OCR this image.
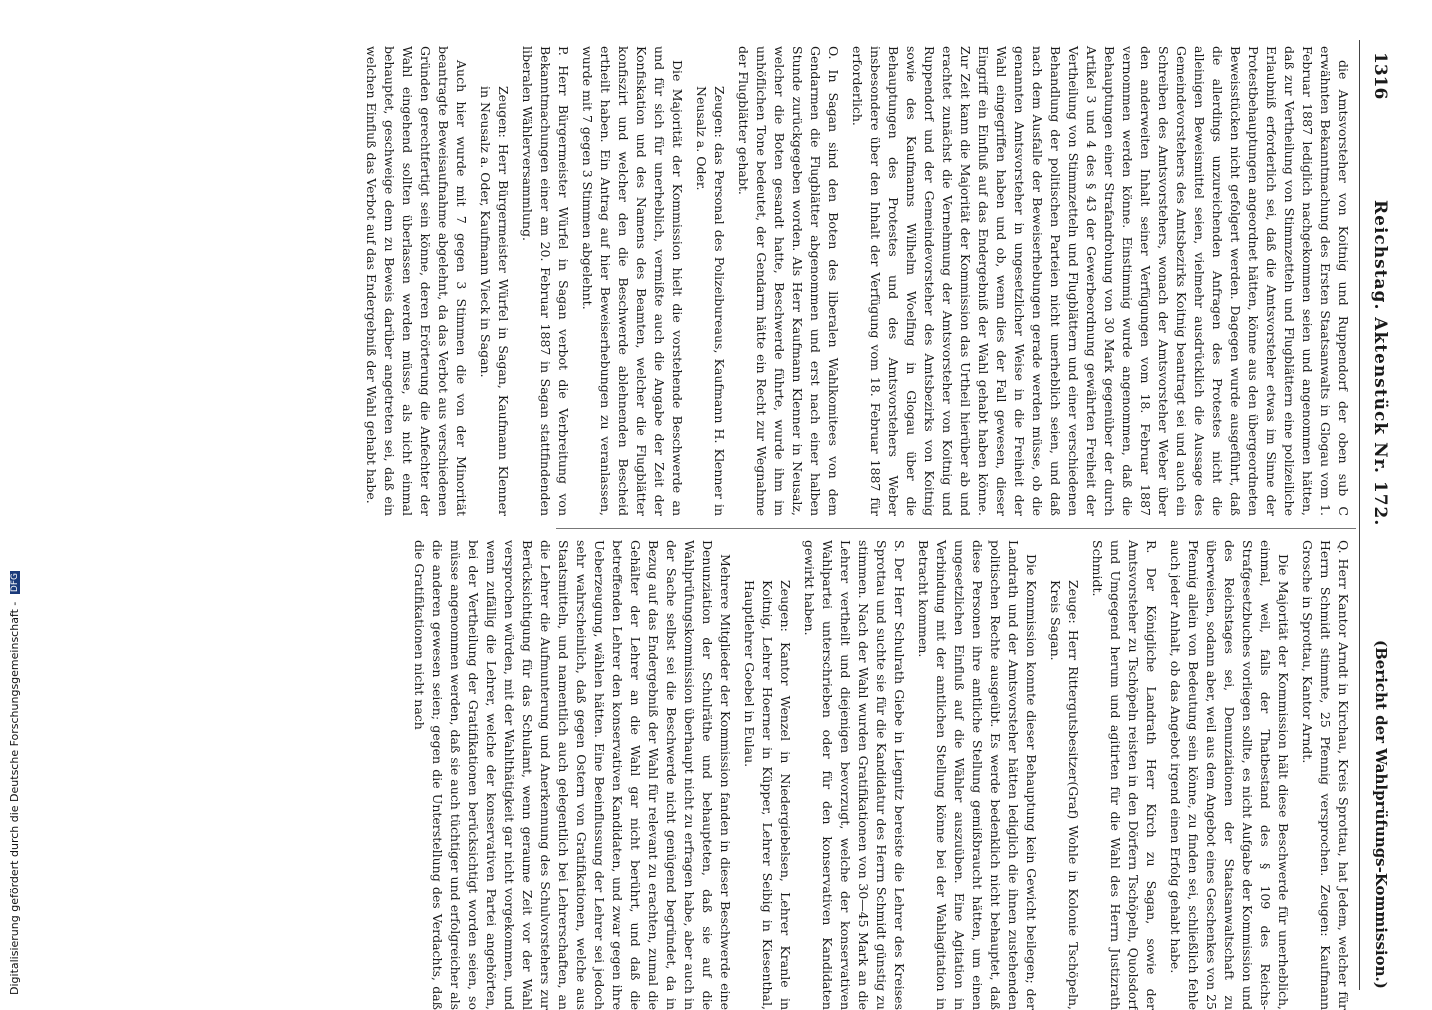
1316
Reichstag. Aktenstück Nr. 172.
(Bericht der Wahlprüfungs-Kommission.)

die Amtsvorsteher von Koitnig und Ruppendorf der oben sub C erwähnten Bekanntmachung des Ersten Staatsanwalts in Glogau vom 1. Februar 1887 lediglich nachgekommen seien und angenommen hätten, daß zur Vertheilung von Stimmzetteln und Flugblättern eine polizeiliche Erlaubniß erforderlich sei, daß die Amtsvorsteher etwas im Sinne der Protestbehauptungen angeordnet hätten, könne aus den übergeordneten Beweisstücken nicht gefolgert werden. Dagegen wurde ausgeführt, daß die allerdings unzureichenden Anfragen des Protestes nicht die alleinigen Beweismittel seien, vielmehr ausdrücklich die Aussage des Gemeindevorstehers des Amtsbezirks Koitnig beantragt sei und auch ein Schreiben des Amtsvorstehers, wonach der Amtsvorsteher Weber über den anderweiten Inhalt seiner Verfügungen vom 18. Februar 1887 vernommen werden könne. Einstimmig wurde angenommen, daß die Behauptungen einer Strafandrohung von 30 Mark gegenüber der durch Artikel 3 und 4 des § 43 der Gewerbeordnung gewährten Freiheit der Vertheilung von Stimmzetteln und Flugblättern und einer verschiedenen Behandlung der politischen Parteien nicht unerheblich seien, und daß nach dem Ausfalle der Beweiserhebungen gerade werden müsse, ob die genannten Amtsvorsteher in ungesetzlicher Weise in die Freiheit der Wahl eingegriffen haben und ob, wenn dies der Fall gewesen, dieser Eingriff ein Einfluß auf das Endergebniß der Wahl gehabt haben könne. Zur Zeit kann die Majorität der Kommission das Urtheil hierüber ab und erachtet zunächst die Vernehmung der Amtsvorsteher von Koitnig und Ruppendorf und der Gemeindevorsteher des Amtsbezirks von Koitnig sowie des Kaufmanns Wilhelm Woelfing in Glogau über die Behauptungen des Protestes und des Amtsvorstehers Weber insbesondere über den Inhalt der Verfügung vom 18. Februar 1887 für erforderlich.

O. In Sagan sind den Boten des liberalen Wahlkomitees von dem Gendarmen die Flugblätter abgenommen und erst nach einer halben Stunde zurückgegeben worden. Als Herr Kaufmann Klenner in Neusalz, welcher die Boten gesandt hatte, Beschwerde führte, wurde ihm im unhöflichen Tone bedeutet, der Gendarm hätte ein Recht zur Wegnahme der Flugblätter gehabt.

Zeugen: das Personal des Polizeibureaus, Kaufmann H. Klenner in Neusalz a. Oder.

Die Majorität der Kommission hielt die vorstehende Beschwerde an und für sich für unerheblich, vermißte auch die Angabe der Zeit der Konfiskation und des Namens des Beamten, welcher die Flugblätter konfiszirt und welcher den die Beschwerde ablehnenden Bescheid ertheilt haben. Ein Antrag auf hier Beweiserhebungen zu veranlassen, wurde mit 7 gegen 3 Stimmen abgelehnt.

P. Herr Bürgermeister Würfel in Sagan verbot die Verbreitung von Bekanntmachungen einer am 20. Februar 1887 in Sagan stattfindenden liberalen Wählerversammlung.

Zeugen: Herr Bürgermeister Würfel in Sagan, Kaufmann Klenner in Neusalz a. Oder, Kaufmann Vieck in Sagan.

Auch hier wurde mit 7 gegen 3 Stimmen die von der Minorität beantragte Beweisaufnahme abgelehnt, da das Verbot aus verschiedenen Gründen gerechtfertigt sein könne, deren Erörterung die Anfechter der Wahl eingehend sollten überlassen werden müsse, als nicht einmal behauptet, geschweige denn zu Beweis darüber angetreten sei, daß ein welchen Einfluß das Verbot auf das Endergebniß der Wahl gehabt habe.

Q. Herr Kantor Arndt in Kirchau, Kreis Sprottau, hat Jedem, welcher für Herrn Schmidt stimmte, 25 Pfennig versprochen. Zeugen: Kaufmann Grosche in Sprottau, Kantor Arndt.

Die Majorität der Kommission hält diese Beschwerde für unerheblich, einmal, weil, falls der Thatbestand des § 109 des Reichs-Strafgesetzbuches vorliegen sollte, es nicht Aufgabe der Kommission und des Reichstages sei, Denunziationen der Staatsanwaltschaft zu überweisen, sodann aber, weil aus dem Angebot eines Geschenkes von 25 Pfennig allein von Bedeutung sein könne, zu finden sei, schließlich fehle auch jeder Anhalt, ob das Angebot irgend einen Erfolg gehabt habe.

R. Der Königliche Landrath Herr Kirch zu Sagan, sowie der Amtsvorsteher zu Tschöpeln reisten in den Dörfern Tschöpeln, Quolsdorf und Umgegend herum und agitirten für die Wahl des Herrn Justizrath Schmidt.

Zeuge: Herr Rittergutsbesitzer(Graf) Wohle in Kolonie Tschöpeln, Kreis Sagan.

Die Kommission konnte dieser Behauptung kein Gewicht beilegen; der Landrath und der Amtsvorsteher hätten lediglich die ihnen zustehenden politischen Rechte ausgeübt. Es werde bedenklich nicht behauptet, daß diese Personen ihre amtliche Stellung gemißbraucht hätten, um einen ungesetzlichen Einfluß auf die Wähler auszuüben. Eine Agitation in Verbindung mit der amtlichen Stellung könne bei der Wahlagitation in Betracht kommen.

S. Der Herr Schulrath Giebe in Liegnitz bereiste die Lehrer des Kreises Sprottau und suchte sie für die Kandidatur des Herrn Schmidt günstig zu stimmen. Nach der Wahl wurden Gratifikationen von 30—45 Mark an die Lehrer vertheilt und diejenigen bevorzugt, welche der konservativen Wahlpartei unterschrieben oder für den konservativen Kandidaten gewirkt haben.

Zeugen: Kantor Wenzel in Niedergiebelsen, Lehrer Kranle in Koitnig, Lehrer Hoerner in Küpper, Lehrer Seibig in Kiesenthal, Hauptlehrer Goebel in Eulau.

Mehrere Mitglieder der Kommission fanden in dieser Beschwerde eine Denunziation der Schulräthe und behaupteten, daß sie auf die Wahlprüfungskommission überhaupt nicht zu erfragen habe, aber auch in der Sache selbst sei die Beschwerde nicht genügend begründet, da in Bezug auf das Endergebniß der Wahl für relevant zu erachten, zumal die Gehälter der Lehrer an die Wahl gar nicht berührt, und daß die betreffenden Lehrer den konservativen Kandidaten, und zwar gegen ihre Ueberzeugung, wählen hätten. Eine Beeinflussung der Lehrer sei jedoch sehr wahrscheinlich, daß gegen Ostern von Gratifikationen, welche aus Staatsmitteln, und namentlich auch gelegentlich bei Lehrerschaften, an die Lehrer die Aufmunterung und Anerkennung des Schulvorstehers zur Berücksichtigung für das Schulamt, wenn geraume Zeit vor der Wahl versprochen würden, mit der Wahlthätigkeit gar nicht vorgekommen, und wenn zufällig die Lehrer, welche der konservativen Partei angehörten, bei der Vertheilung der Gratifikationen berücksichtigt worden seien, so müsse angenommen werden, daß sie auch tüchtiger und erfolgreicher als die anderen gewesen seien; gegen die Unterstellung des Verdachts, daß die Gratifikationen nicht nach

Digitalisierung gefördert durch die Deutsche Forschungsgemeinschaft - DFG
